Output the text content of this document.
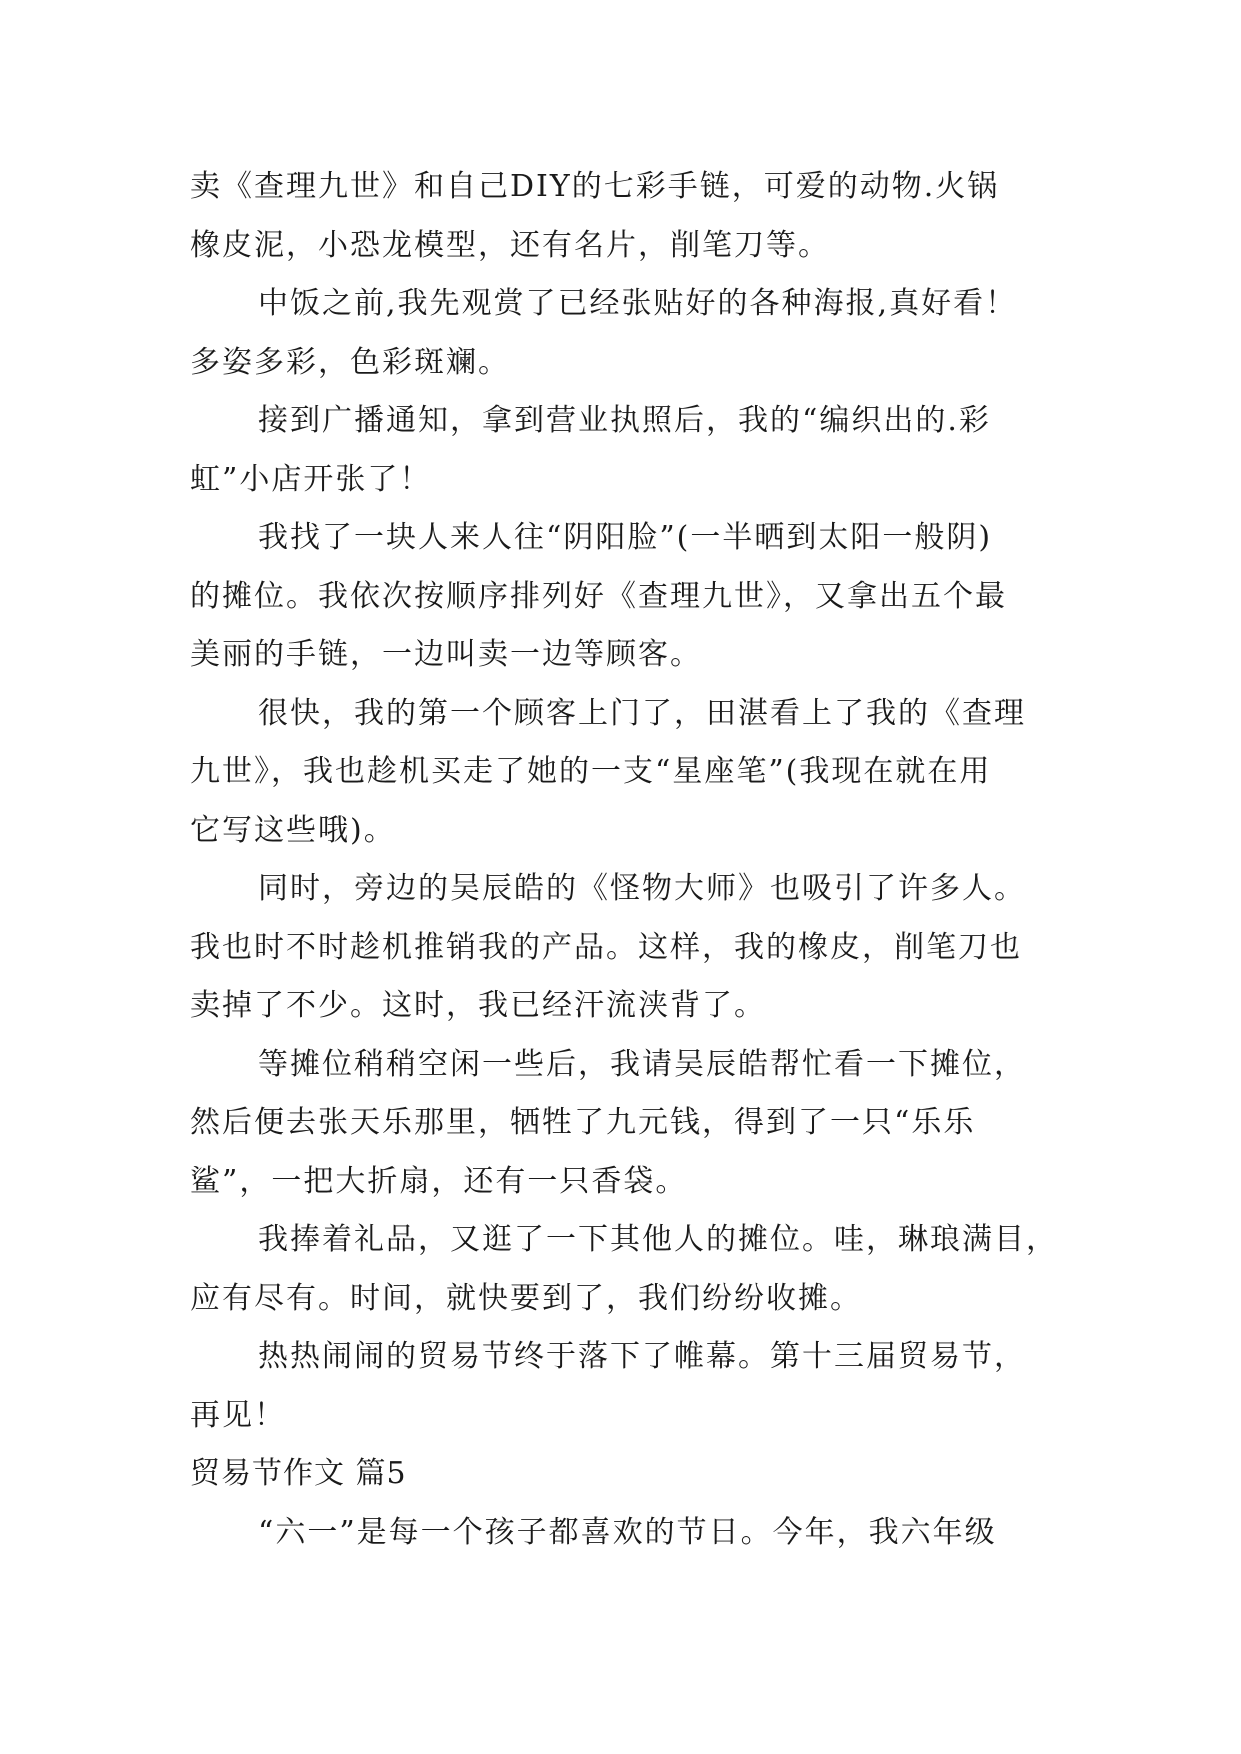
卖《查理九世》和自己DIY的七彩手链，可爱的动物.火锅
橡皮泥，小恐龙模型，还有名片，削笔刀等。
中饭之前,我先观赏了已经张贴好的各种海报,真好看！
多姿多彩，色彩斑斓。
接到广播通知，拿到营业执照后，我的“编织出的.彩
虹”小店开张了！
我找了一块人来人往“阴阳脸”(一半晒到太阳一般阴)
的摊位。我依次按顺序排列好《查理九世》，又拿出五个最
美丽的手链，一边叫卖一边等顾客。
很快，我的第一个顾客上门了，田湛看上了我的《查理
九世》，我也趁机买走了她的一支“星座笔”(我现在就在用
它写这些哦)。
同时，旁边的吴辰皓的《怪物大师》也吸引了许多人。
我也时不时趁机推销我的产品。这样，我的橡皮，削笔刀也
卖掉了不少。这时，我已经汗流浃背了。
等摊位稍稍空闲一些后，我请吴辰皓帮忙看一下摊位，
然后便去张天乐那里，牺牲了九元钱，得到了一只“乐乐
鲨”，一把大折扇，还有一只香袋。
我捧着礼品，又逛了一下其他人的摊位。哇，琳琅满目，
应有尽有。时间，就快要到了，我们纷纷收摊。
热热闹闹的贸易节终于落下了帷幕。第十三届贸易节，
再见！
贸易节作文 篇5
“六一”是每一个孩子都喜欢的节日。今年，我六年级
